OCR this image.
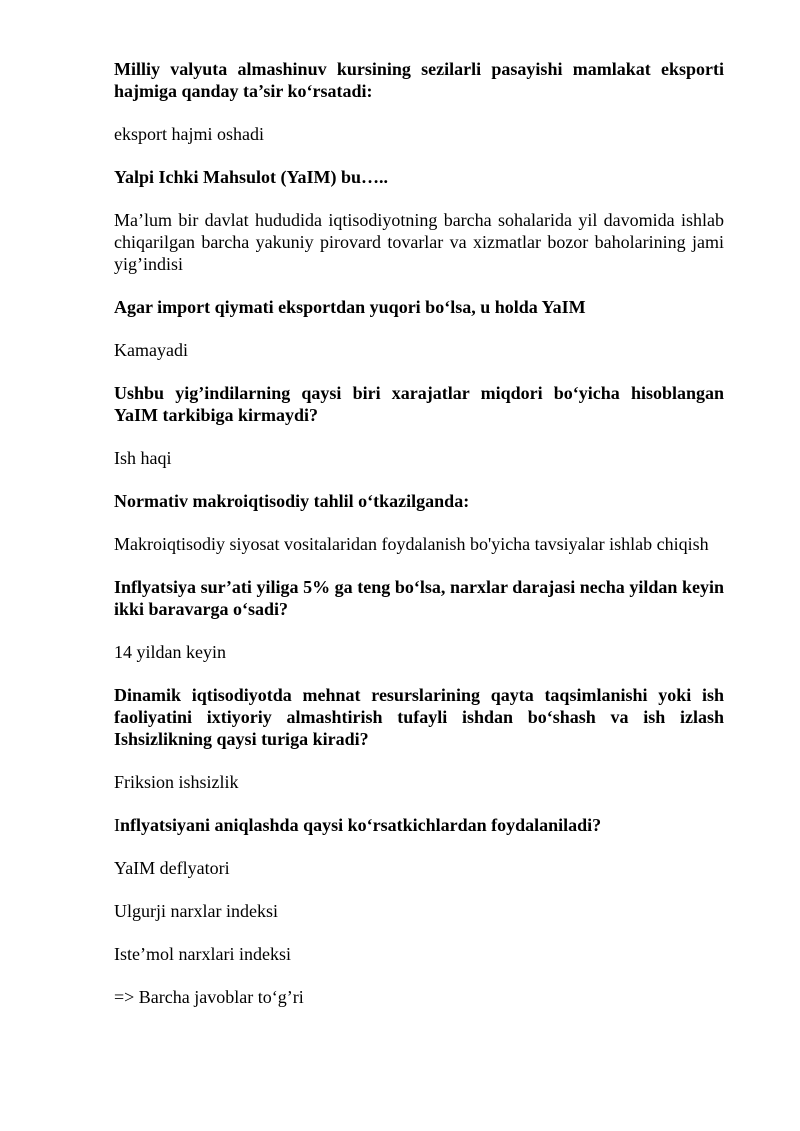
Milliy valyuta almashinuv kursining sezilarli pasayishi mamlakat eksporti hajmiga qanday ta’sir ko‘rsatadi:
eksport hajmi oshadi
Yalpi Ichki Mahsulot (YaIM) bu…..
Ma’lum bir davlat hududida iqtisodiyotning barcha sohalarida yil davomida ishlab chiqarilgan barcha yakuniy pirovard tovarlar va xizmatlar bozor baholarining jami yig’indisi
Agar import qiymati eksportdan yuqori bo‘lsa, u holda YaIM
Kamayadi
Ushbu yig’indilarning qaysi biri xarajatlar miqdori bo‘yicha hisoblangan YaIM tarkibiga kirmaydi?
Ish haqi
Normativ makroiqtisodiy tahlil o‘tkazilganda:
Makroiqtisodiy siyosat vositalaridan foydalanish bo'yicha tavsiyalar ishlab chiqish
Inflyatsiya sur’ati yiliga 5% ga teng bo‘lsa, narxlar darajasi necha yildan keyin ikki baravarga o‘sadi?
14 yildan keyin
Dinamik iqtisodiyotda mehnat resurslarining qayta taqsimlanishi yoki ish faoliyatini ixtiyoriy almashtirish tufayli ishdan bo‘shash va ish izlash Ishsizlikning qaysi turiga kiradi?
Friksion ishsizlik
Inflyatsiyani aniqlashda qaysi ko‘rsatkichlardan foydalaniladi?
YaIM deflyatori
Ulgurji narxlar indeksi
Iste’mol narxlari indeksi
=> Barcha javoblar to‘g’ri
